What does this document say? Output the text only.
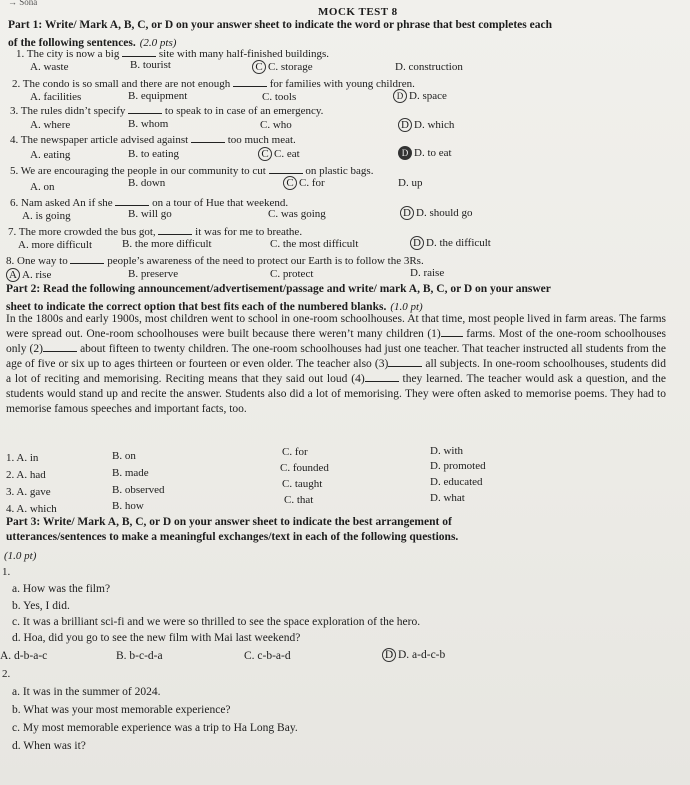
→ Sona
MOCK TEST 8
Part 1: Write/ Mark A, B, C, or D on your answer sheet to indicate the word or phrase that best completes each
of the following sentences. (2.0 pts)
1. The city is now a big	site with many half-finished buildings.
A. waste	B. tourist	C C. storage	D. construction
2. The condo is so small and there are not enough	for families with young children.
A. facilities	B. equipment	C. tools	D D. space
3. The rules didn’t specify	to speak to in case of an emergency.
A. where	B. whom	C. who	D D. which
4. The newspaper article advised against	too much meat.
A. eating	B. to eating	C C. eat	D D. to eat
5. We are encouraging the people in our community to cut	on plastic bags.
A. on	B. down	C C. for	D. up
6. Nam asked An if she	on a tour of Hue that weekend.
A. is going	B. will go	C. was going	D D. should go
7. The more crowded the bus got,	it was for me to breathe.
A. more difficult	B. the more difficult	C. the most difficult	D D. the difficult
8. One way to	people’s awareness of the need to protect our Earth is to follow the 3Rs.
A A. rise	B. preserve	C. protect	D. raise
Part 2: Read the following announcement/advertisement/passage and write/ mark A, B, C, or D on your answer
sheet to indicate the correct option that best fits each of the numbered blanks. (1.0 pt)
In the 1800s and early 1900s, most children went to school in one-room schoolhouses. At that time, most people lived in farm areas. The farms were spread out. One-room schoolhouses were built because there weren’t many children (1) farms. Most of the one-room schoolhouses only (2)	about fifteen to twenty children. The one-room schoolhouses had just one teacher. That teacher instructed all students from the age of five or six up to ages thirteen or fourteen or even older. The teacher also (3)	all subjects. In one-room schoolhouses, students did a lot of reciting and memorising. Reciting means that they said out loud (4)	they learned. The teacher would ask a question, and the students would stand up and recite the answer. Students also did a lot of memorising. They were often asked to memorise poems. They had to memorise famous speeches and important facts, too.
1. A. in	B. on	C. for	D. with
2. A. had	B. made	C. founded	D. promoted
3. A. gave	B. observed	C. taught	D. educated
4. A. which	B. how	C. that	D. what
Part 3: Write/ Mark A, B, C, or D on your answer sheet to indicate the best arrangement of
utterances/sentences to make a meaningful exchanges/text in each of the following questions.
(1.0 pt)
1.
a. How was the film?
b. Yes, I did.
c. It was a brilliant sci-fi and we were so thrilled to see the space exploration of the hero.
d. Hoa, did you go to see the new film with Mai last weekend?
A. d-b-a-c	B. b-c-d-a	C. c-b-a-d	D D. a-d-c-b
2.
a. It was in the summer of 2024.
b. What was your most memorable experience?
c. My most memorable experience was a trip to Ha Long Bay.
d. When was it?
